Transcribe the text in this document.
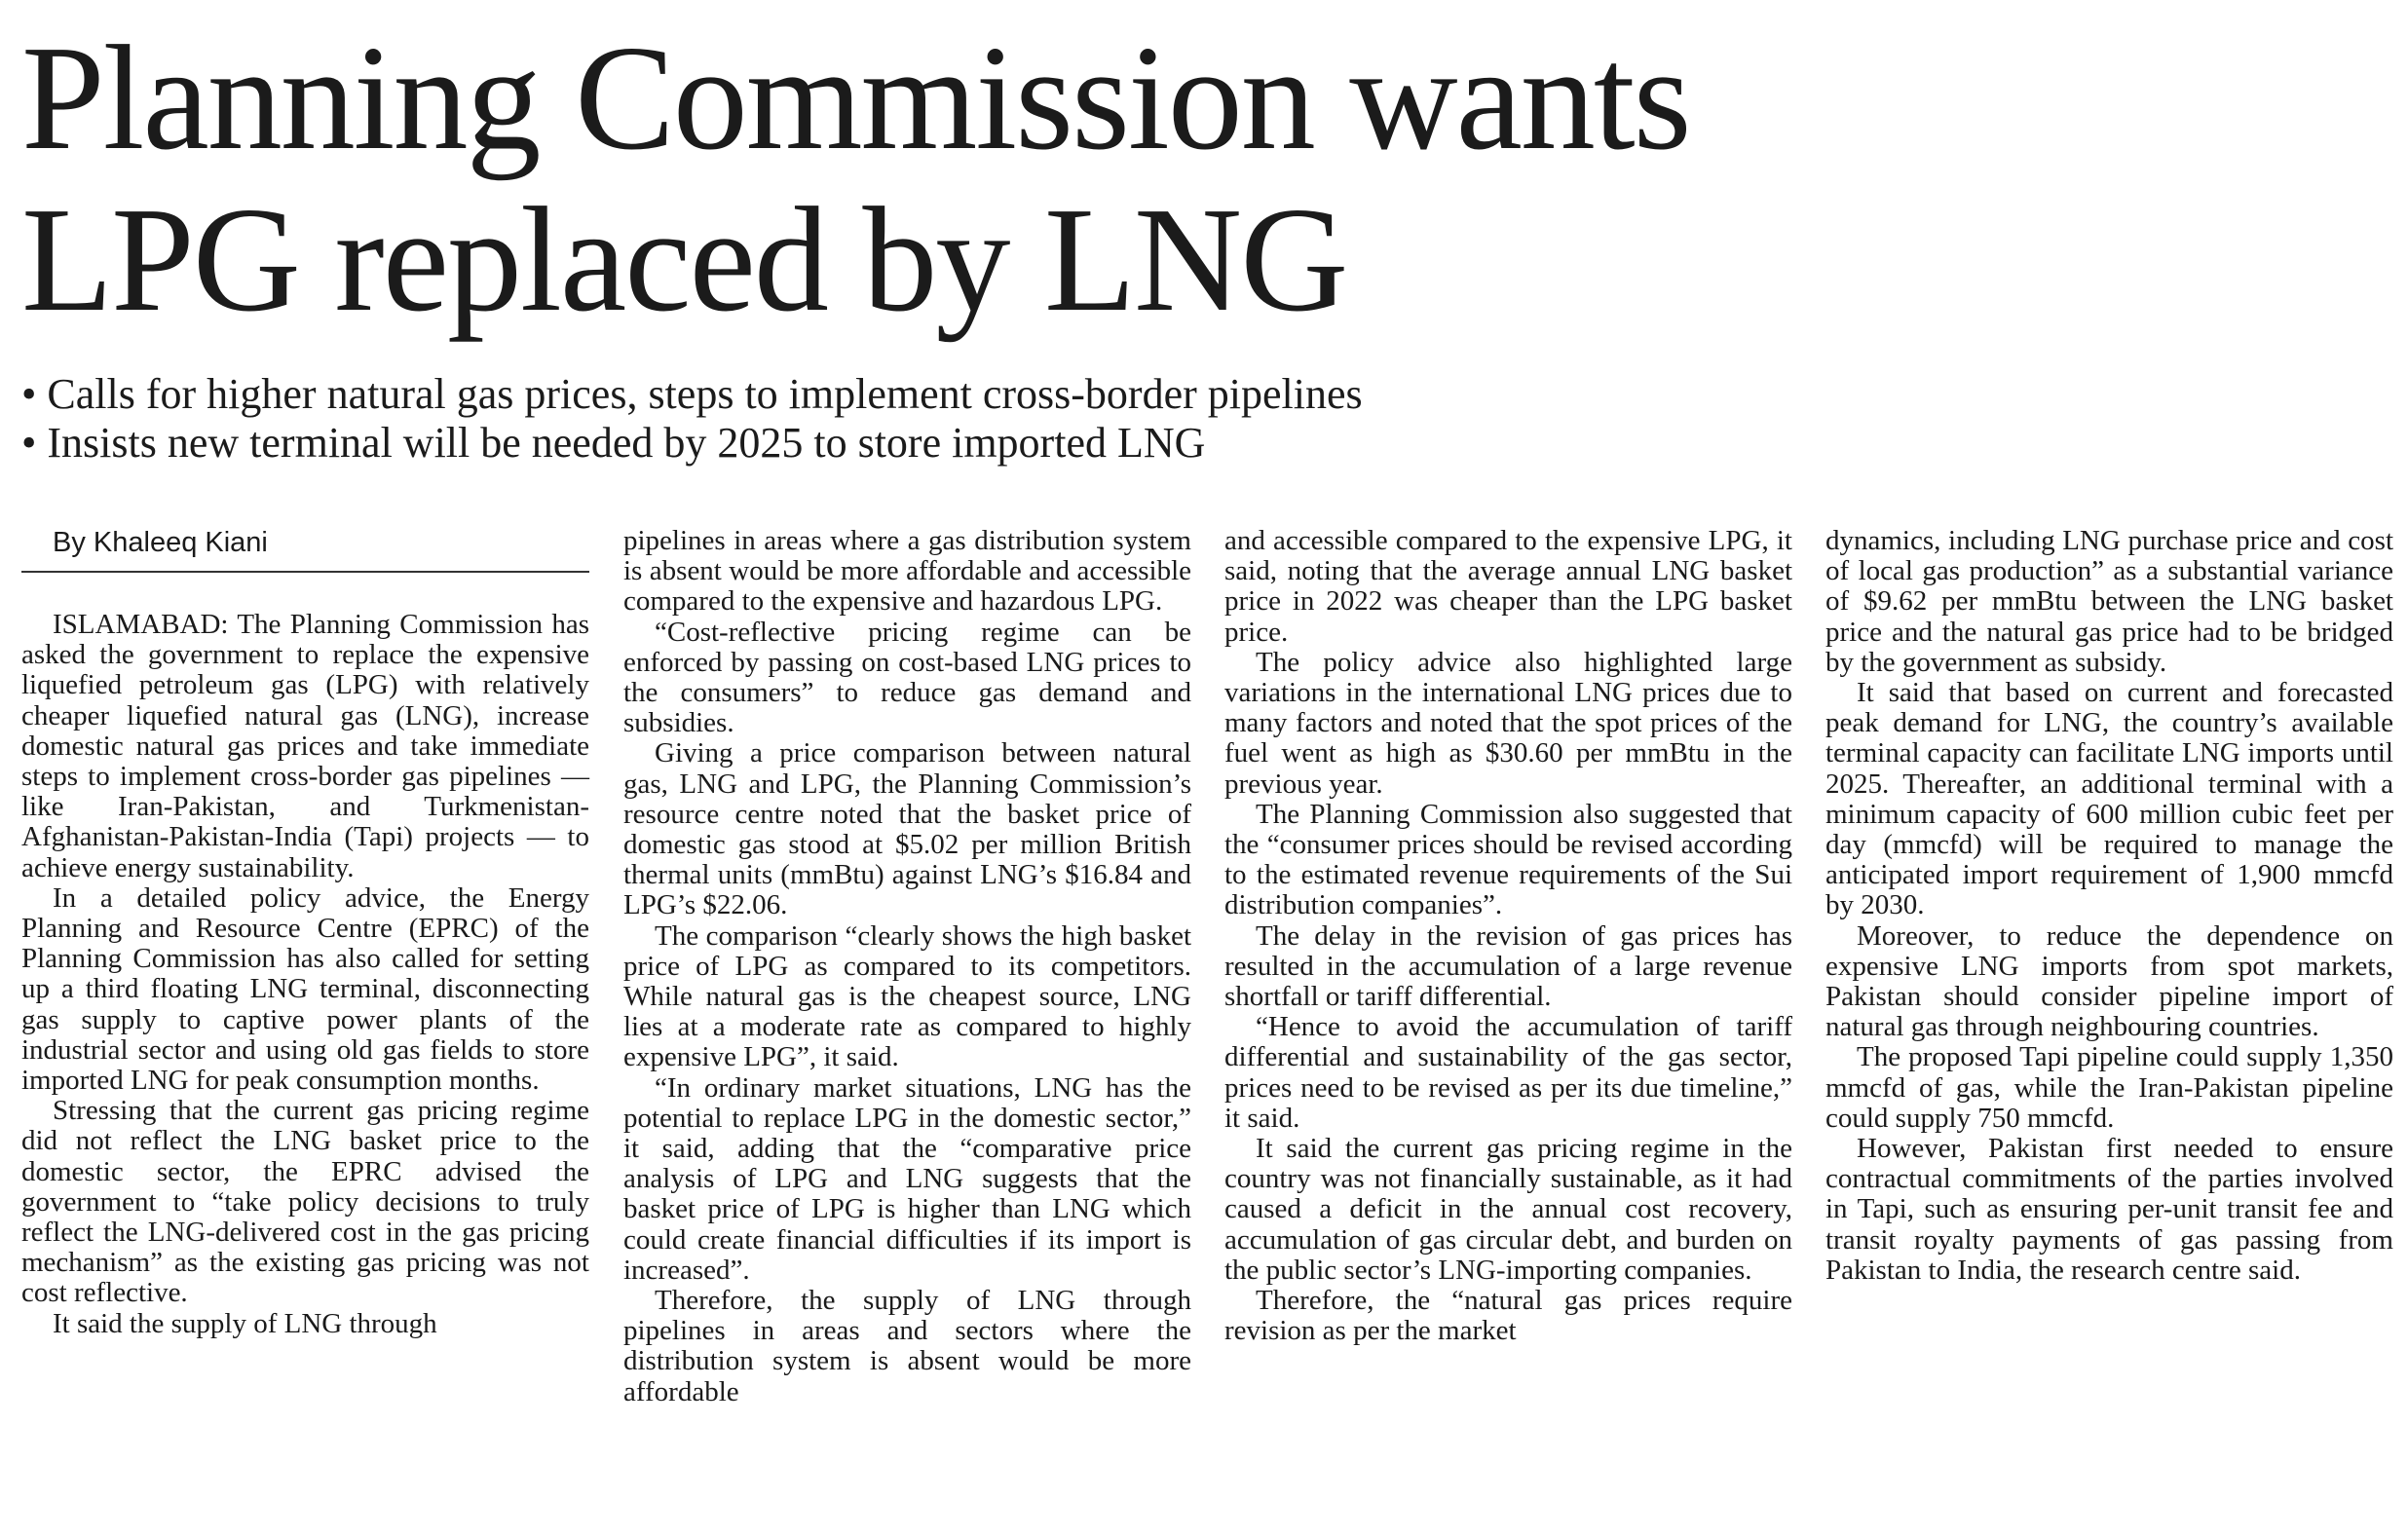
Planning Commission wants
LPG replaced by LNG
• Calls for higher natural gas prices, steps to implement cross-border pipelines
• Insists new terminal will be needed by 2025 to store imported LNG

By Khaleeq Kiani

ISLAMABAD: The Planning Commission has asked the government to replace the expensive liquefied petroleum gas (LPG) with relatively cheaper liquefied natural gas (LNG), increase domestic natural gas prices and take immediate steps to implement cross-border gas pipelines — like Iran-Pakistan, and Turkmenistan-Afghanistan-Pakistan-India (Tapi) projects — to achieve energy sustainability.

In a detailed policy advice, the Energy Planning and Resource Centre (EPRC) of the Planning Commission has also called for setting up a third floating LNG terminal, disconnecting gas supply to captive power plants of the industrial sector and using old gas fields to store imported LNG for peak consumption months.

Stressing that the current gas pricing regime did not reflect the LNG basket price to the domestic sector, the EPRC advised the government to “take policy decisions to truly reflect the LNG-delivered cost in the gas pricing mechanism” as the existing gas pricing was not cost reflective.

It said the supply of LNG through

pipelines in areas where a gas distribution system is absent would be more affordable and accessible compared to the expensive and hazardous LPG.

“Cost-reflective pricing regime can be enforced by passing on cost-based LNG prices to the consumers” to reduce gas demand and subsidies.

Giving a price comparison between natural gas, LNG and LPG, the Planning Commission’s resource centre noted that the basket price of domestic gas stood at $5.02 per million British thermal units (mmBtu) against LNG’s $16.84 and LPG’s $22.06.

The comparison “clearly shows the high basket price of LPG as compared to its competitors. While natural gas is the cheapest source, LNG lies at a moderate rate as compared to highly expensive LPG”, it said.

“In ordinary market situations, LNG has the potential to replace LPG in the domestic sector,” it said, adding that the “comparative price analysis of LPG and LNG suggests that the basket price of LPG is higher than LNG which could create financial difficulties if its import is increased”.

Therefore, the supply of LNG through pipelines in areas and sectors where the distribution system is absent would be more affordable

and accessible compared to the expensive LPG, it said, noting that the average annual LNG basket price in 2022 was cheaper than the LPG basket price.

The policy advice also highlighted large variations in the international LNG prices due to many factors and noted that the spot prices of the fuel went as high as $30.60 per mmBtu in the previous year.

The Planning Commission also suggested that the “consumer prices should be revised according to the estimated revenue requirements of the Sui distribution companies”.

The delay in the revision of gas prices has resulted in the accumulation of a large revenue shortfall or tariff differential.

“Hence to avoid the accumulation of tariff differential and sustainability of the gas sector, prices need to be revised as per its due timeline,” it said.

It said the current gas pricing regime in the country was not financially sustainable, as it had caused a deficit in the annual cost recovery, accumulation of gas circular debt, and burden on the public sector’s LNG-importing companies.

Therefore, the “natural gas prices require revision as per the market

dynamics, including LNG purchase price and cost of local gas production” as a substantial variance of $9.62 per mmBtu between the LNG basket price and the natural gas price had to be bridged by the government as subsidy.

It said that based on current and forecasted peak demand for LNG, the country’s available terminal capacity can facilitate LNG imports until 2025. Thereafter, an additional terminal with a minimum capacity of 600 million cubic feet per day (mmcfd) will be required to manage the anticipated import requirement of 1,900 mmcfd by 2030.

Moreover, to reduce the dependence on expensive LNG imports from spot markets, Pakistan should consider pipeline import of natural gas through neighbouring countries.

The proposed Tapi pipeline could supply 1,350 mmcfd of gas, while the Iran-Pakistan pipeline could supply 750 mmcfd.

However, Pakistan first needed to ensure contractual commitments of the parties involved in Tapi, such as ensuring per-unit transit fee and transit royalty payments of gas passing from Pakistan to India, the research centre said.
